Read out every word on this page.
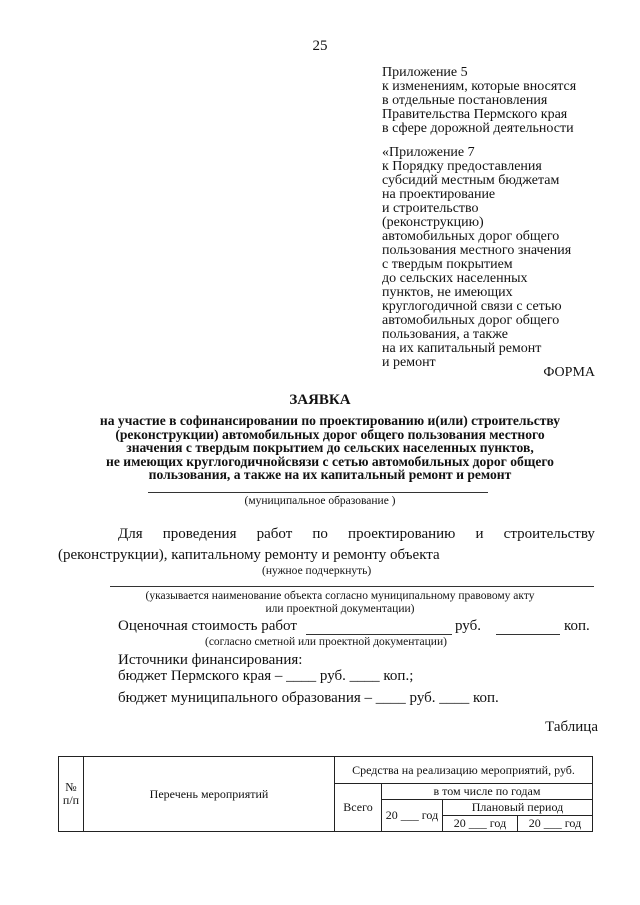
25
Приложение 5
к изменениям, которые вносятся
в отдельные постановления
Правительства Пермского края
в сфере дорожной деятельности
«Приложение 7
к Порядку предоставления
субсидий местным бюджетам
на проектирование
и строительство
(реконструкцию)
автомобильных дорог общего
пользования местного значения
с твердым покрытием
до сельских населенных
пунктов, не имеющих
круглогодичной связи с сетью
автомобильных дорог общего
пользования, а также
на их капитальный ремонт
и ремонт
ФОРМА
ЗАЯВКА
на участие в софинансировании по проектированию и(или) строительству
(реконструкции) автомобильных дорог общего пользования местного
значения с твердым покрытием до сельских населенных пунктов,
не имеющих круглогодичнойсвязи с сетью автомобильных дорог общего
пользования, а также на их капитальный ремонт и ремонт
(муниципальное образование )
Для проведения работ по проектированию и строительству
(реконструкции), капитальному ремонту и ремонту объекта
(нужное подчеркнуть)
(указывается наименование объекта согласно муниципальному правовому акту
или проектной документации)
Оценочная стоимость работ	руб.	коп.
(согласно сметной или проектной документации)
Источники финансирования:
бюджет Пермского края – ____ руб. ____ коп.;
бюджет муниципального образования – ____ руб. ____ коп.
Таблица
№ п/п	Перечень мероприятий	Средства на реализацию мероприятий, руб.			
		Всего	в том числе по годам		
			20 ___ год	Плановый период	
				20 ___ год	20 ___ год
